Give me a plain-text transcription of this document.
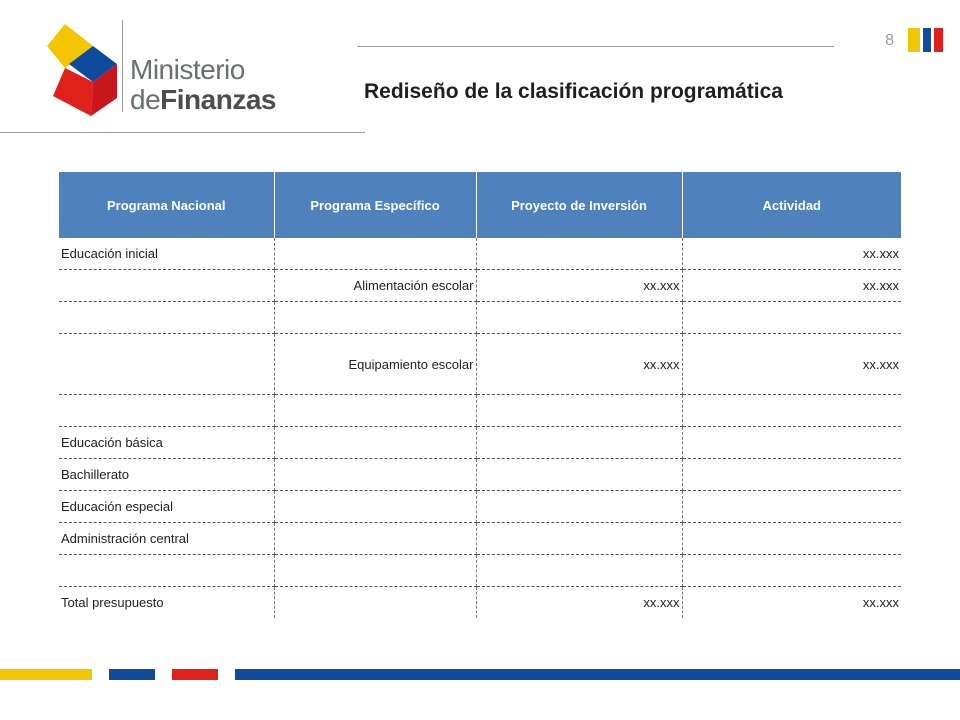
Ministerio
deFinanzas
8
Rediseño de la clasificación programática
Programa Nacional	Programa Específico	Proyecto de Inversión	Actividad
Educación inicial			xx.xxx
	Alimentación escolar	xx.xxx	xx.xxx

	Equipamiento escolar	xx.xxx	xx.xxx

Educación básica			
Bachillerato			
Educación especial			
Administración central			

Total presupuesto		xx.xxx	xx.xxx
